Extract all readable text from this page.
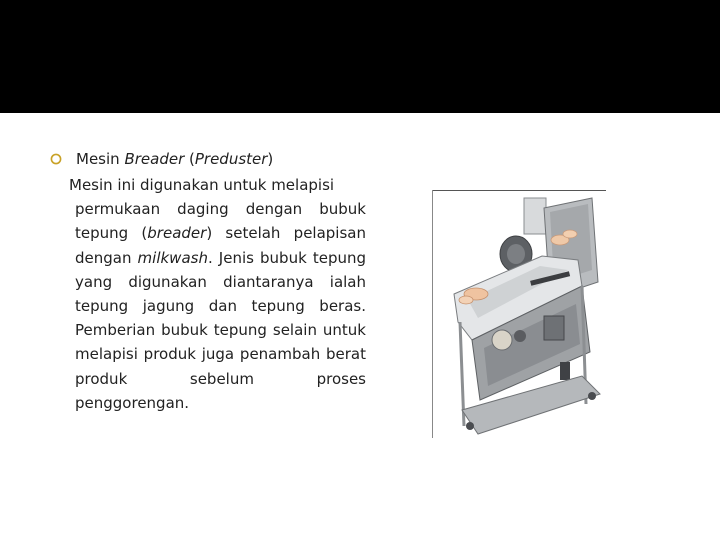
Mesin Breader (Preduster)
Mesin ini digunakan untuk melapisi
permukaan daging dengan bubuk tepung (breader) setelah pelapisan dengan milkwash. Jenis bubuk tepung yang digunakan diantaranya ialah tepung jagung dan tepung beras. Pemberian bubuk tepung selain untuk melapisi produk juga penambah berat produk sebelum proses penggorengan.
